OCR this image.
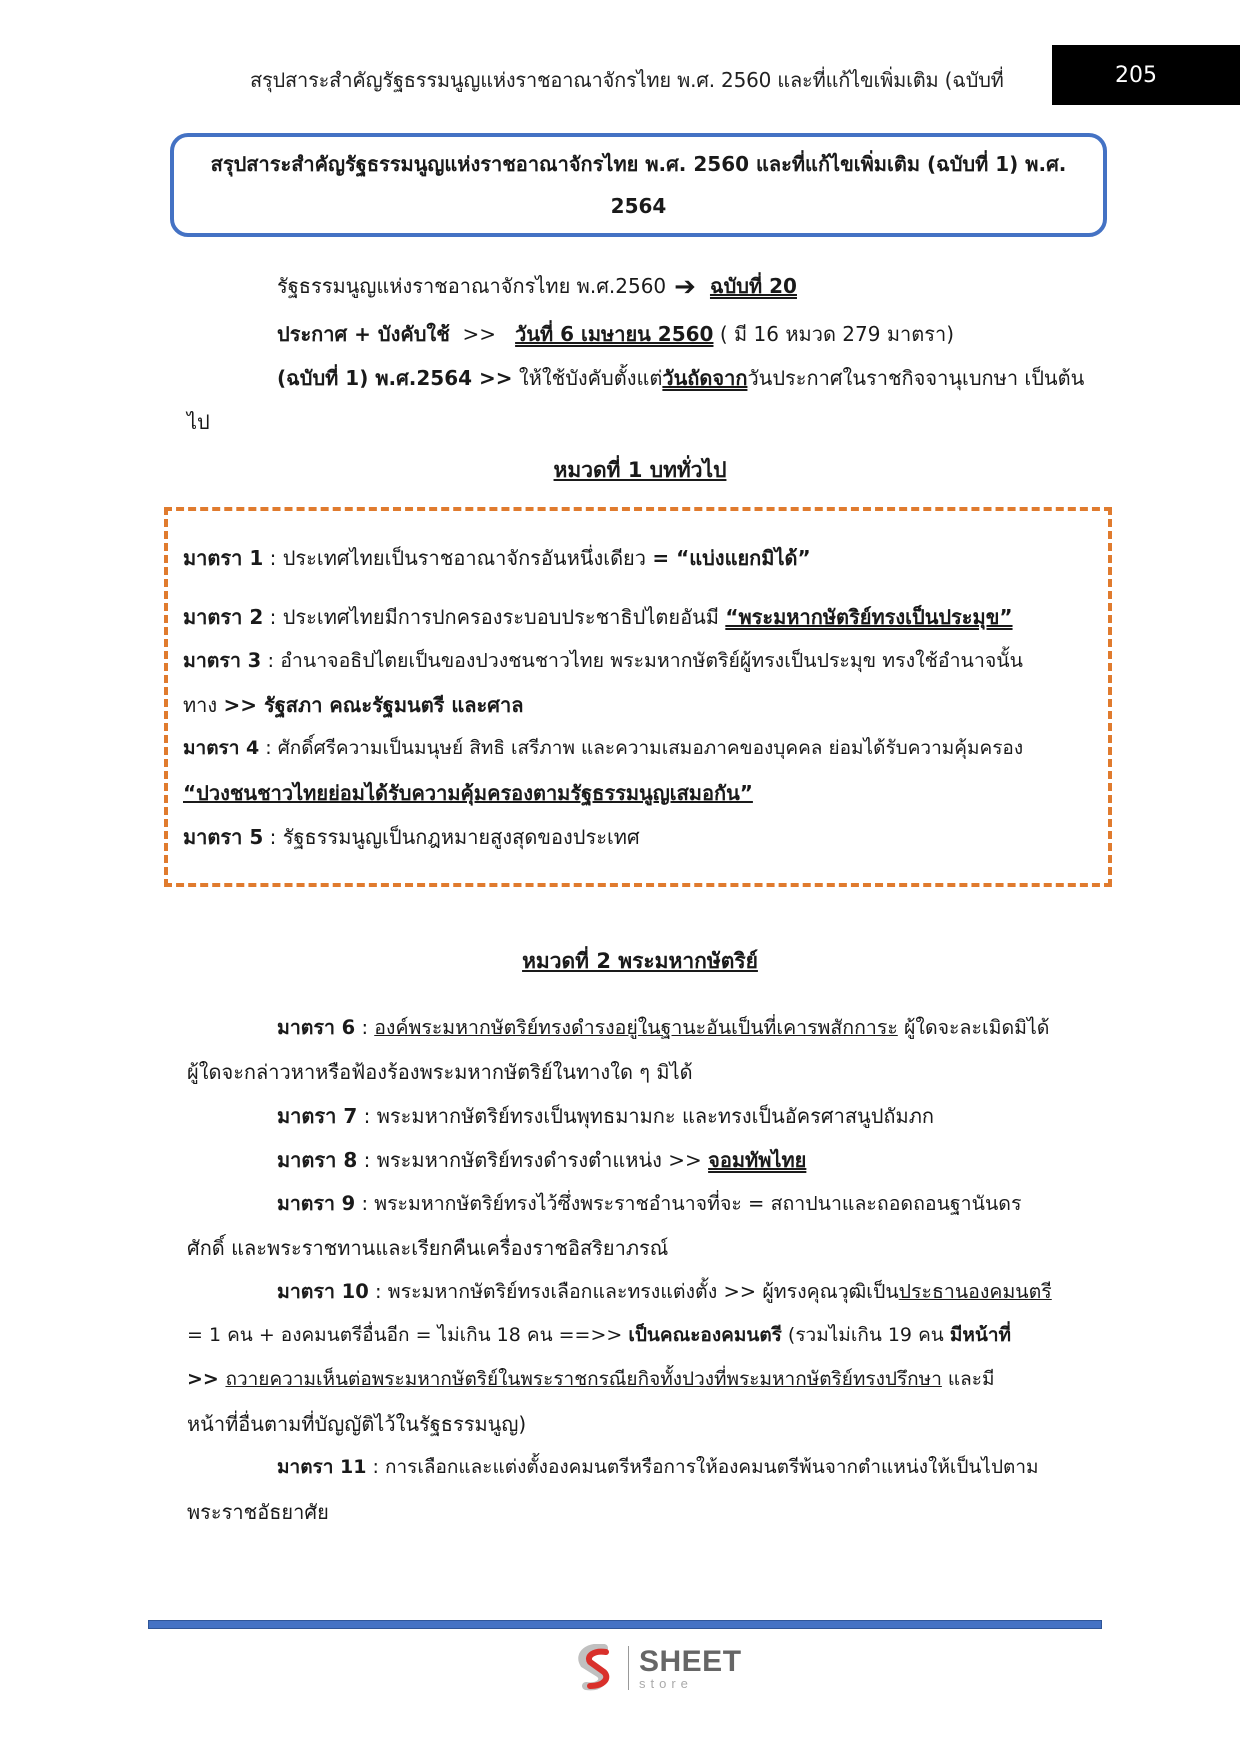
สรุปสาระสำคัญรัฐธรรมนูญแห่งราชอาณาจักรไทย พ.ศ. 2560 และที่แก้ไขเพิ่มเติม (ฉบับที่	205
สรุปสาระสำคัญรัฐธรรมนูญแห่งราชอาณาจักรไทย พ.ศ. 2560 และที่แก้ไขเพิ่มเติม (ฉบับที่ 1) พ.ศ.
2564
รัฐธรรมนูญแห่งราชอาณาจักรไทย พ.ศ.2560 ➔ ฉบับที่ 20
ประกาศ + บังคับใช้ >> วันที่ 6 เมษายน 2560 ( มี 16 หมวด 279 มาตรา)
(ฉบับที่ 1) พ.ศ.2564 >> ให้ใช้บังคับตั้งแต่วันถัดจากวันประกาศในราชกิจจานุเบกษา เป็นต้น
ไป
หมวดที่ 1 บททั่วไป
มาตรา 1 : ประเทศไทยเป็นราชอาณาจักรอันหนึ่งเดียว = “แบ่งแยกมิได้”
มาตรา 2 : ประเทศไทยมีการปกครองระบอบประชาธิปไตยอันมี “พระมหากษัตริย์ทรงเป็นประมุข”
มาตรา 3 : อำนาจอธิปไตยเป็นของปวงชนชาวไทย พระมหากษัตริย์ผู้ทรงเป็นประมุข ทรงใช้อำนาจนั้น
ทาง >> รัฐสภา คณะรัฐมนตรี และศาล
มาตรา 4 : ศักดิ์ศรีความเป็นมนุษย์ สิทธิ เสรีภาพ และความเสมอภาคของบุคคล ย่อมได้รับความคุ้มครอง
“ปวงชนชาวไทยย่อมได้รับความคุ้มครองตามรัฐธรรมนูญเสมอกัน”
มาตรา 5 : รัฐธรรมนูญเป็นกฎหมายสูงสุดของประเทศ
หมวดที่ 2 พระมหากษัตริย์
มาตรา 6 : องค์พระมหากษัตริย์ทรงดำรงอยู่ในฐานะอันเป็นที่เคารพสักการะ ผู้ใดจะละเมิดมิได้
ผู้ใดจะกล่าวหาหรือฟ้องร้องพระมหากษัตริย์ในทางใด ๆ มิได้
มาตรา 7 : พระมหากษัตริย์ทรงเป็นพุทธมามกะ และทรงเป็นอัครศาสนูปถัมภก
มาตรา 8 : พระมหากษัตริย์ทรงดำรงตำแหน่ง >> จอมทัพไทย
มาตรา 9 : พระมหากษัตริย์ทรงไว้ซึ่งพระราชอำนาจที่จะ = สถาปนาและถอดถอนฐานันดร
ศักดิ์ และพระราชทานและเรียกคืนเครื่องราชอิสริยาภรณ์
มาตรา 10 : พระมหากษัตริย์ทรงเลือกและทรงแต่งตั้ง >> ผู้ทรงคุณวุฒิเป็นประธานองคมนตรี
= 1 คน + องคมนตรีอื่นอีก = ไม่เกิน 18 คน ==>> เป็นคณะองคมนตรี (รวมไม่เกิน 19 คน มีหน้าที่
>> ถวายความเห็นต่อพระมหากษัตริย์ในพระราชกรณียกิจทั้งปวงที่พระมหากษัตริย์ทรงปรึกษา และมี
หน้าที่อื่นตามที่บัญญัติไว้ในรัฐธรรมนูญ)
มาตรา 11 : การเลือกและแต่งตั้งองคมนตรีหรือการให้องคมนตรีพ้นจากตำแหน่งให้เป็นไปตาม
พระราชอัธยาศัย
SHEET
store
